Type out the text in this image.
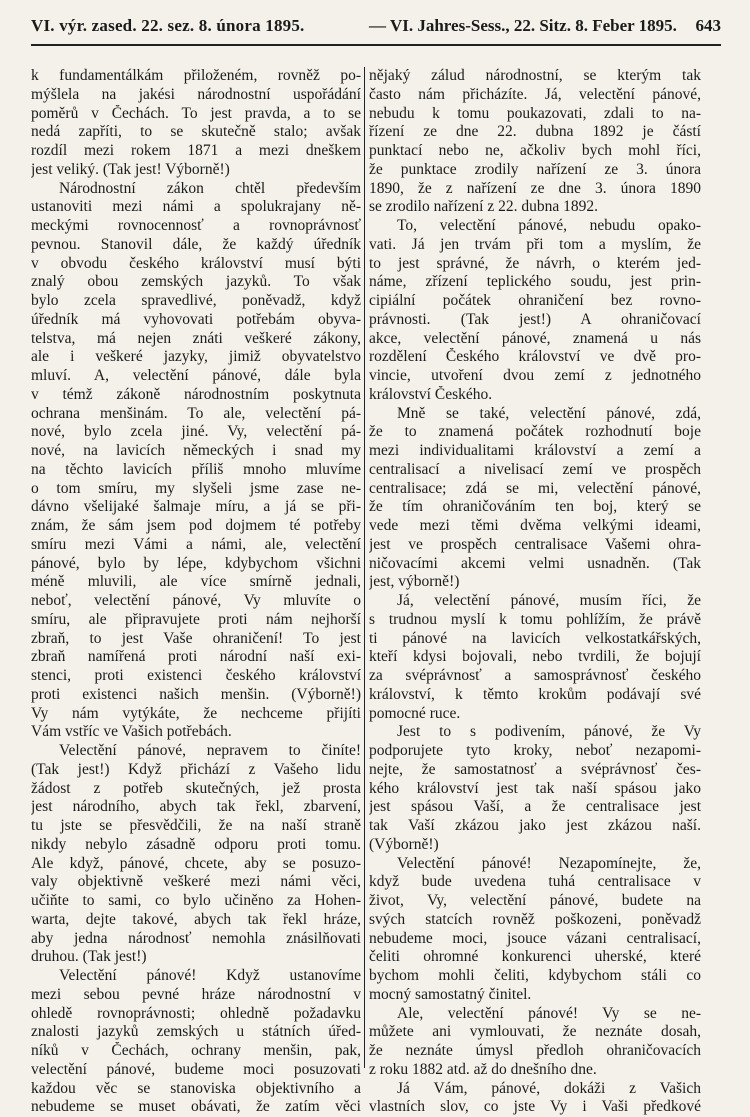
VI. výr. zased. 22. sez. 8. února 1895.	— VI. Jahres-Sess., 22. Sitz. 8. Feber 1895. 643
k fundamentálkám přiloženém, rovněž po-
mýšlela na jakési národnostní uspořádání
poměrů v Čechách. To jest pravda, a to se
nedá zapříti, to se skutečně stalo; avšak
rozdíl mezi rokem 1871 a mezi dneškem
jest veliký. (Tak jest! Výborně!)
Národnostní zákon chtěl především
ustanoviti mezi námi a spolukrajany ně-
meckými rovnocennosť a rovnoprávnosť
pevnou. Stanovil dále, že každý úředník
v obvodu českého království musí býti
znalý obou zemských jazyků. To však
bylo zcela spravedlivé, poněvadž, když
úředník má vyhovovati potřebám obyva-
telstva, má nejen znáti veškeré zákony,
ale i veškeré jazyky, jimiž obyvatelstvo
mluví. A, velectění pánové, dále byla
v témž zákoně národnostním poskytnuta
ochrana menšinám. To ale, velectění pá-
nové, bylo zcela jiné. Vy, velectění pá-
nové, na lavicích německých i snad my
na těchto lavicích příliš mnoho mluvíme
o tom smíru, my slyšeli jsme zase ne-
dávno všelijaké šalmaje míru, a já se při-
znám, že sám jsem pod dojmem té potřeby
smíru mezi Vámi a námi, ale, velectění
pánové, bylo by lépe, kdybychom všichni
méně mluvili, ale více smírně jednali,
neboť, velectění pánové, Vy mluvíte o
smíru, ale připravujete proti nám nejhorší
zbraň, to jest Vaše ohraničení! To jest
zbraň namířená proti národní naší exi-
stenci, proti existenci českého království
proti existenci našich menšin. (Výborně!)
Vy nám vytýkáte, že nechceme přijíti
Vám vstříc ve Vašich potřebách.
Velectění pánové, nepravem to činíte!
(Tak jest!) Když přichází z Vašeho lidu
žádost z potřeb skutečných, jež prosta
jest národního, abych tak řekl, zbarvení,
tu jste se přesvědčili, že na naší straně
nikdy nebylo zásadně odporu proti tomu.
Ale když, pánové, chcete, aby se posuzo-
valy objektivně veškeré mezi námi věci,
učiňte to sami, co bylo učiněno za Hohen-
warta, dejte takové, abych tak řekl hráze,
aby jedna národnosť nemohla znásilňovati
druhou. (Tak jest!)
Velectění pánové! Když ustanovíme
mezi sebou pevné hráze národnostní v
ohledě rovnoprávnosti; ohledně požadavku
znalosti jazyků zemských u státních úřed-
níků v Čechách, ochrany menšin, pak,
velectění pánové, budeme moci posuzovati
každou věc se stanoviska objektivního a
nebudeme se muset obávati, že zatím věci
nějaký zálud národnostní, se kterým tak
často nám přicházíte. Já, velectění pánové,
nebudu k tomu poukazovati, zdali to na-
řízení ze dne 22. dubna 1892 je částí
punktací nebo ne, ačkoliv bych mohl říci,
že punktace zrodily nařízení ze 3. února
1890, že z nařízení ze dne 3. února 1890
se zrodilo nařízení z 22. dubna 1892.
To, velectění pánové, nebudu opako-
vati. Já jen trvám při tom a myslím, že
to jest správné, že návrh, o kterém jed-
náme, zřízení teplického soudu, jest prin-
cipiální počátek ohraničení bez rovno-
právnosti. (Tak jest!) A ohraničovací
akce, velectění pánové, znamená u nás
rozdělení Českého království ve dvě pro-
vincie, utvoření dvou zemí z jednotného
království Českého.
Mně se také, velectění pánové, zdá,
že to znamená počátek rozhodnutí boje
mezi individualitami království a zemí a
centralisací a nivelisací zemí ve prospěch
centralisace; zdá se mi, velectění pánové,
že tím ohraničováním ten boj, který se
vede mezi těmi dvěma velkými ideami,
jest ve prospěch centralisace Vašemi ohra-
ničovacími akcemi velmi usnadněn. (Tak
jest, výborně!)
Já, velectění pánové, musím říci, že
s trudnou myslí k tomu pohlížím, že právě
ti pánové na lavicích velkostatkářských,
kteří kdysi bojovali, nebo tvrdili, že bojují
za svéprávnosť a samosprávnosť českého
království, k těmto krokům podávají své
pomocné ruce.
Jest to s podivením, pánové, že Vy
podporujete tyto kroky, neboť nezapomi-
nejte, že samostatnosť a svéprávnosť čes-
kého království jest tak naší spásou jako
jest spásou Vaší, a že centralisace jest
tak Vaší zkázou jako jest zkázou naší.
(Výborně!)
Velectění pánové! Nezapomínejte, že,
když bude uvedena tuhá centralisace v
život, Vy, velectění pánové, budete na
svých statcích rovněž poškozeni, poněvadž
nebudeme moci, jsouce vázani centralisací,
čeliti ohromné konkurenci uherské, které
bychom mohli čeliti, kdybychom stáli co
mocný samostatný činitel.
Ale, velectění pánové! Vy se ne-
můžete ani vymlouvati, že neznáte dosah,
že neznáte úmysl předloh ohraničovacích
z roku 1882 atd. až do dnešního dne.
Já Vám, pánové, dokáži z Vašich
vlastních slov, co jste Vy i Vaši předkové
